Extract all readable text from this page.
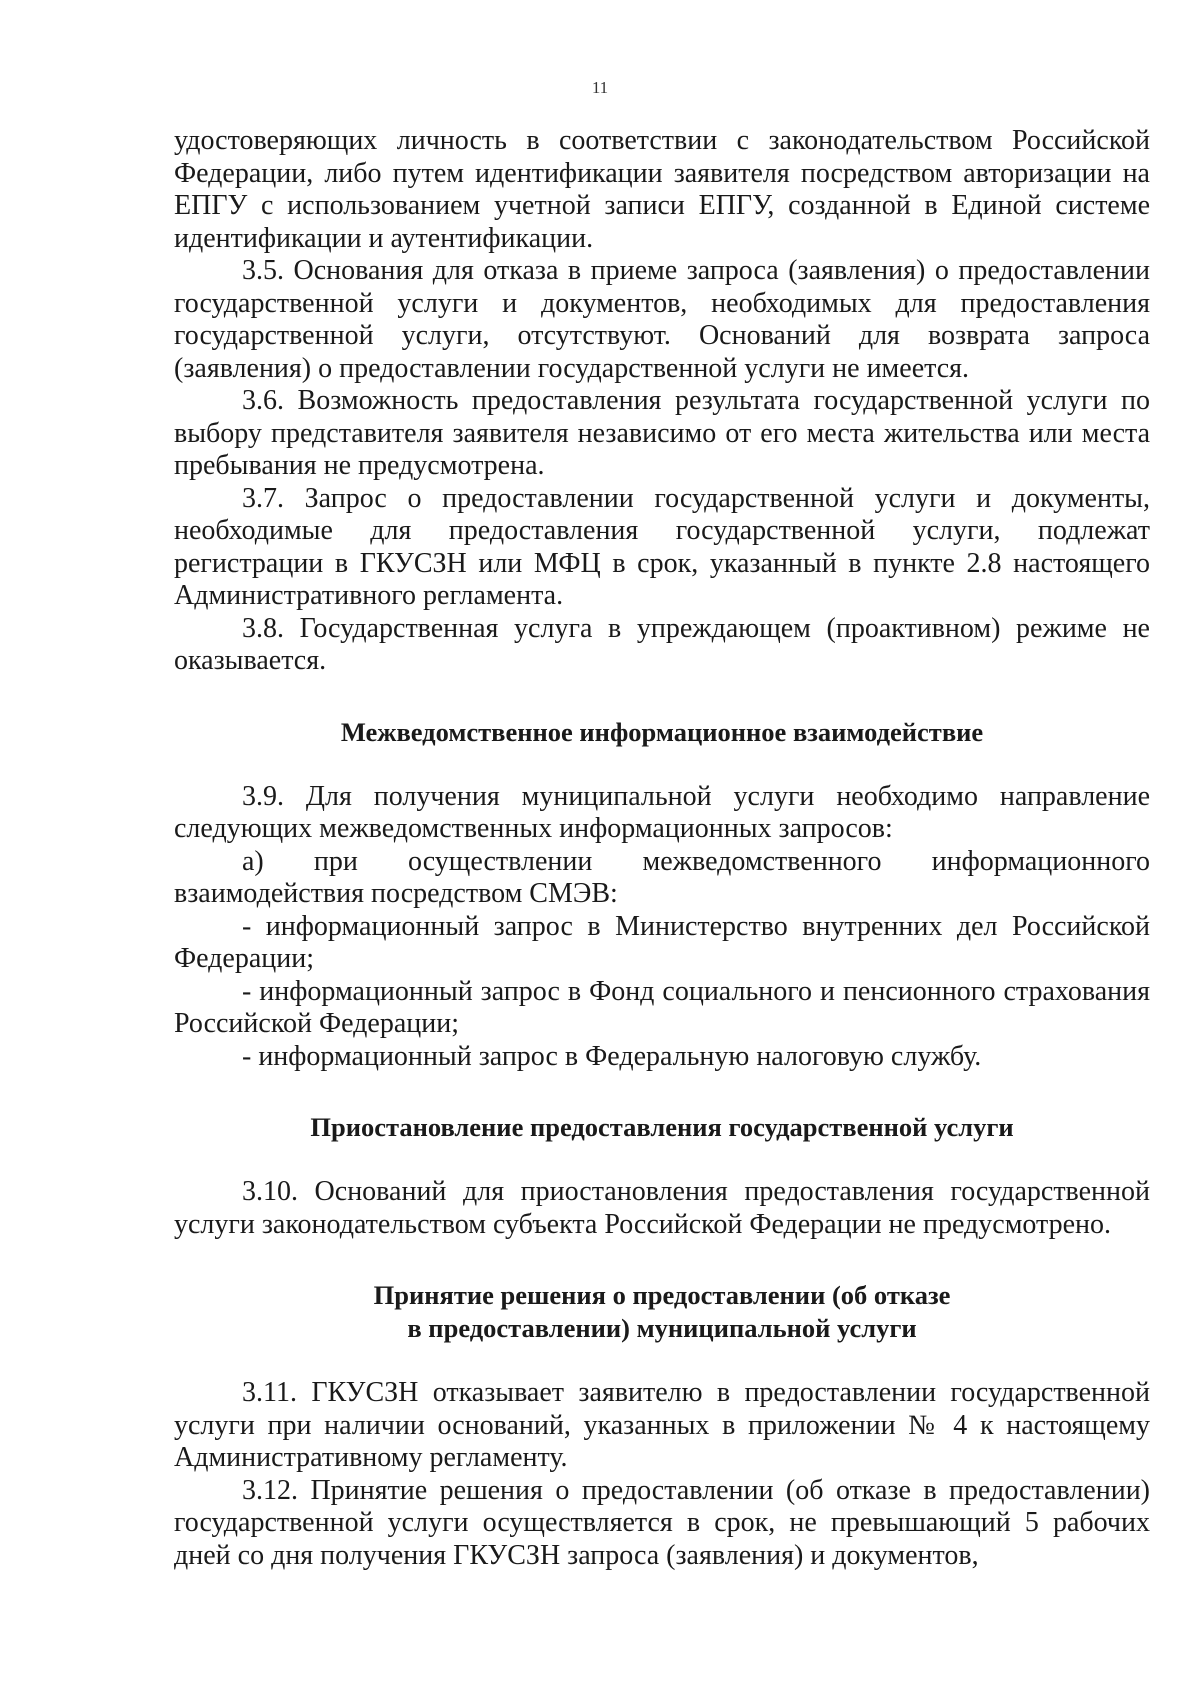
11

удостоверяющих личность в соответствии с законодательством Российской Федерации, либо путем идентификации заявителя посредством авторизации на ЕПГУ с использованием учетной записи ЕПГУ, созданной в Единой системе идентификации и аутентификации.

3.5. Основания для отказа в приеме запроса (заявления) о предоставлении государственной услуги и документов, необходимых для предоставления государственной услуги, отсутствуют. Оснований для возврата запроса (заявления) о предоставлении государственной услуги не имеется.

3.6. Возможность предоставления результата государственной услуги по выбору представителя заявителя независимо от его места жительства или места пребывания не предусмотрена.

3.7. Запрос о предоставлении государственной услуги и документы, необходимые для предоставления государственной услуги, подлежат регистрации в ГКУСЗН или МФЦ в срок, указанный в пункте 2.8 настоящего Административного регламента.

3.8. Государственная услуга в упреждающем (проактивном) режиме не оказывается.

Межведомственное информационное взаимодействие

3.9. Для получения муниципальной услуги необходимо направление следующих межведомственных информационных запросов:

а) при осуществлении межведомственного информационного взаимодействия посредством СМЭВ:

- информационный запрос в Министерство внутренних дел Российской Федерации;

- информационный запрос в Фонд социального и пенсионного страхования Российской Федерации;

- информационный запрос в Федеральную налоговую службу.

Приостановление предоставления государственной услуги

3.10. Оснований для приостановления предоставления государственной услуги законодательством субъекта Российской Федерации не предусмотрено.

Принятие решения о предоставлении (об отказе
в предоставлении) муниципальной услуги

3.11. ГКУСЗН отказывает заявителю в предоставлении государственной услуги при наличии оснований, указанных в приложении № 4 к настоящему Административному регламенту.

3.12. Принятие решения о предоставлении (об отказе в предоставлении) государственной услуги осуществляется в срок, не превышающий 5 рабочих дней со дня получения ГКУСЗН запроса (заявления) и документов,
